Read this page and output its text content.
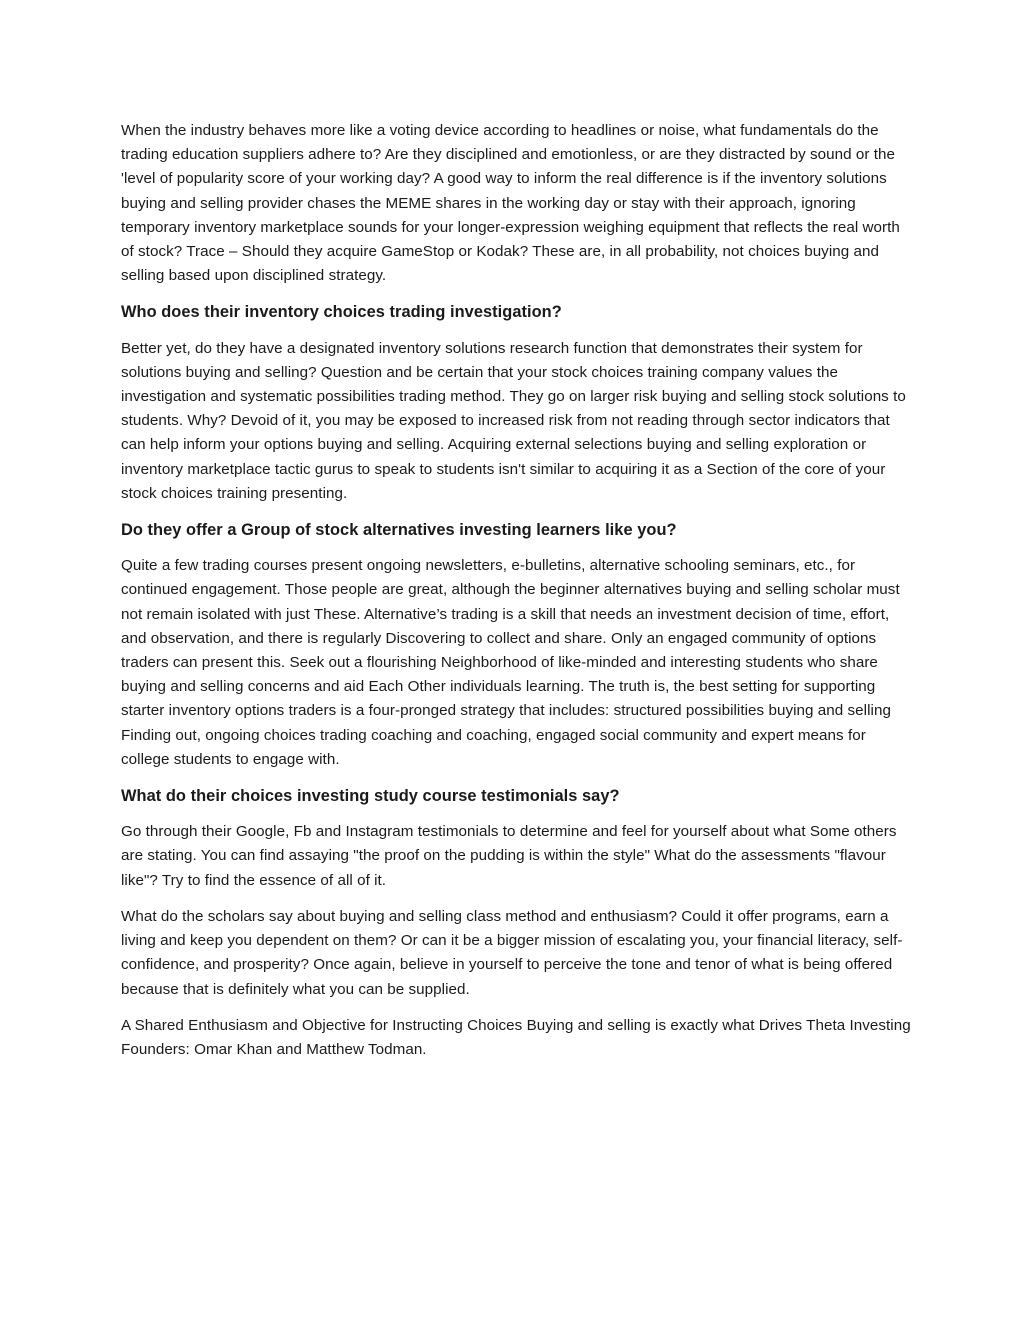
When the industry behaves more like a voting device according to headlines or noise, what fundamentals do the trading education suppliers adhere to? Are they disciplined and emotionless, or are they distracted by sound or the 'level of popularity score of your working day? A good way to inform the real difference is if the inventory solutions buying and selling provider chases the MEME shares in the working day or stay with their approach, ignoring temporary inventory marketplace sounds for your longer-expression weighing equipment that reflects the real worth of stock? Trace – Should they acquire GameStop or Kodak? These are, in all probability, not choices buying and selling based upon disciplined strategy.

Who does their inventory choices trading investigation?

Better yet, do they have a designated inventory solutions research function that demonstrates their system for solutions buying and selling? Question and be certain that your stock choices training company values the investigation and systematic possibilities trading method. They go on larger risk buying and selling stock solutions to students. Why? Devoid of it, you may be exposed to increased risk from not reading through sector indicators that can help inform your options buying and selling. Acquiring external selections buying and selling exploration or inventory marketplace tactic gurus to speak to students isn't similar to acquiring it as a Section of the core of your stock choices training presenting.

Do they offer a Group of stock alternatives investing learners like you?

Quite a few trading courses present ongoing newsletters, e-bulletins, alternative schooling seminars, etc., for continued engagement. Those people are great, although the beginner alternatives buying and selling scholar must not remain isolated with just These. Alternative’s trading is a skill that needs an investment decision of time, effort, and observation, and there is regularly Discovering to collect and share. Only an engaged community of options traders can present this. Seek out a flourishing Neighborhood of like-minded and interesting students who share buying and selling concerns and aid Each Other individuals learning. The truth is, the best setting for supporting starter inventory options traders is a four-pronged strategy that includes: structured possibilities buying and selling Finding out, ongoing choices trading coaching and coaching, engaged social community and expert means for college students to engage with.

What do their choices investing study course testimonials say?

Go through their Google, Fb and Instagram testimonials to determine and feel for yourself about what Some others are stating. You can find assaying "the proof on the pudding is within the style" What do the assessments "flavour like"? Try to find the essence of all of it.

What do the scholars say about buying and selling class method and enthusiasm? Could it offer programs, earn a living and keep you dependent on them? Or can it be a bigger mission of escalating you, your financial literacy, self-confidence, and prosperity? Once again, believe in yourself to perceive the tone and tenor of what is being offered because that is definitely what you can be supplied.

A Shared Enthusiasm and Objective for Instructing Choices Buying and selling is exactly what Drives Theta Investing Founders: Omar Khan and Matthew Todman.
